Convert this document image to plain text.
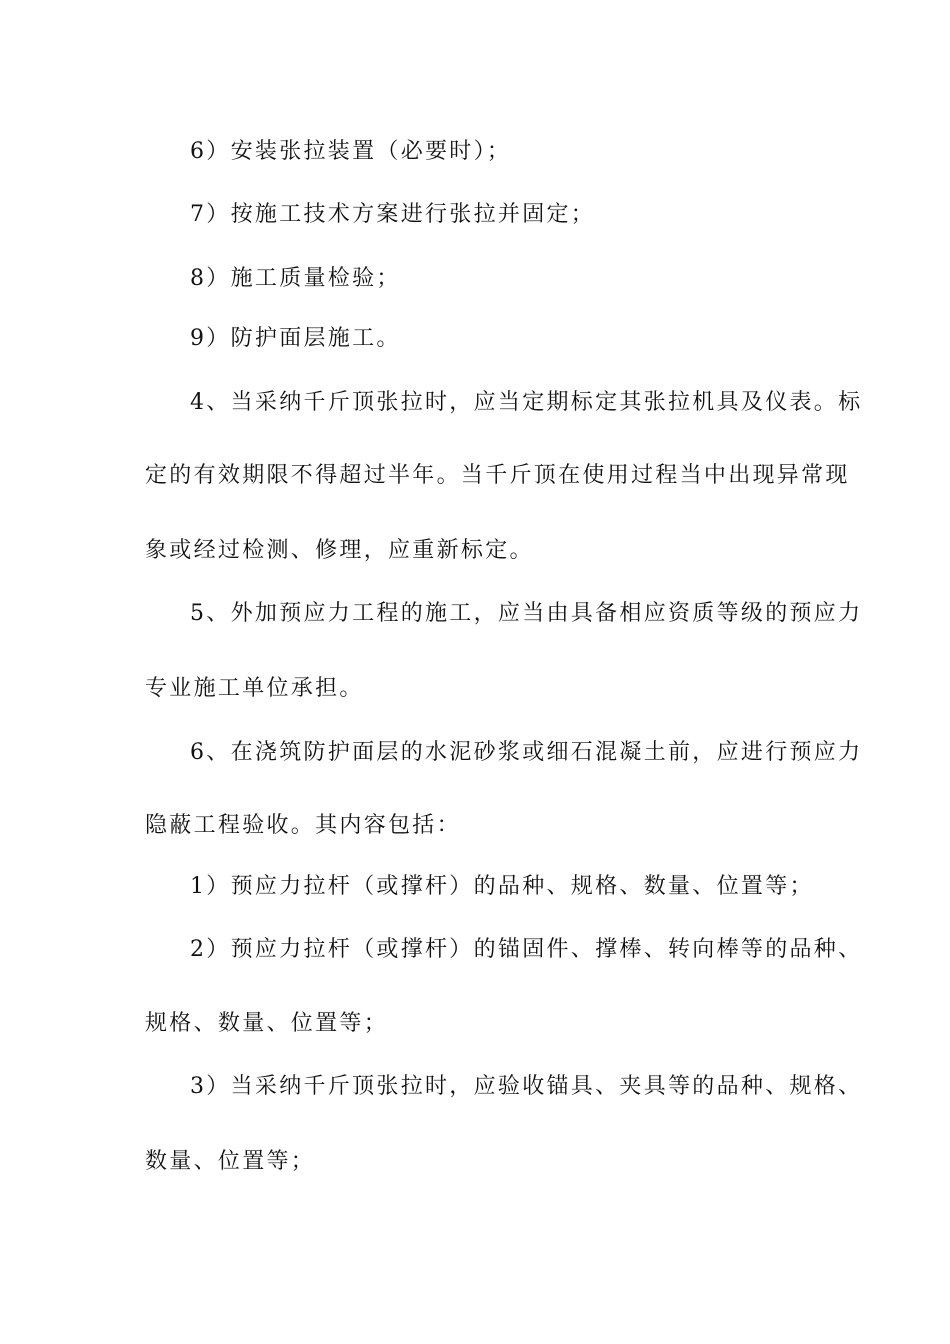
6）安装张拉装置（必要时）；
7）按施工技术方案进行张拉并固定；
8）施工质量检验；
9）防护面层施工。
4、当采纳千斤顶张拉时，应当定期标定其张拉机具及仪表。标
定的有效期限不得超过半年。当千斤顶在使用过程当中出现异常现
象或经过检测、修理，应重新标定。
5、外加预应力工程的施工，应当由具备相应资质等级的预应力
专业施工单位承担。
6、在浇筑防护面层的水泥砂浆或细石混凝土前，应进行预应力
隐蔽工程验收。其内容包括：
1）预应力拉杆（或撑杆）的品种、规格、数量、位置等；
2）预应力拉杆（或撑杆）的锚固件、撑棒、转向棒等的品种、
规格、数量、位置等；
3）当采纳千斤顶张拉时，应验收锚具、夹具等的品种、规格、
数量、位置等；
